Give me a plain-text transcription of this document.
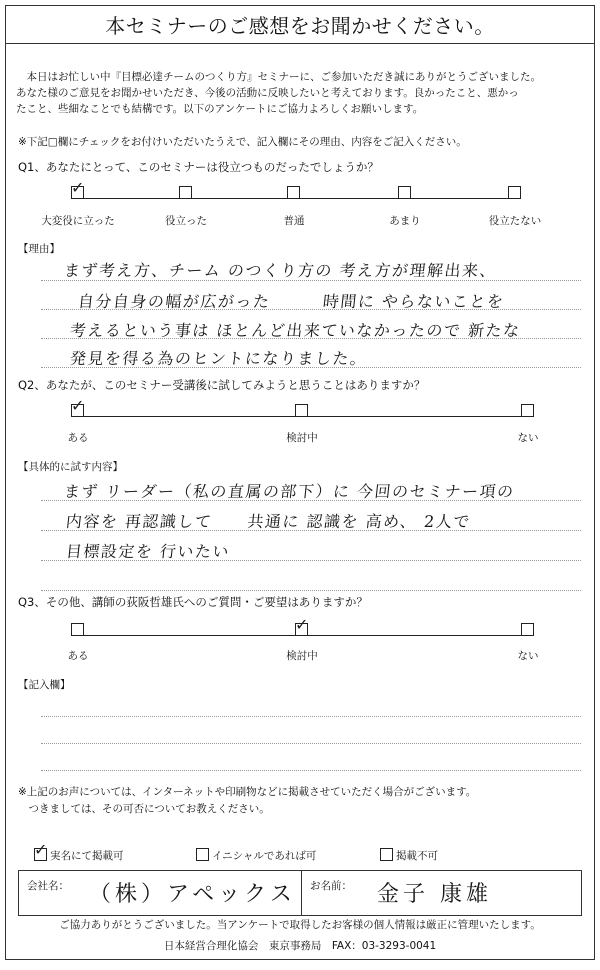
本セミナーのご感想をお聞かせください。
　本日はお忙しい中『目標必達チームのつくり方』セミナーに、ご参加いただき誠にありがとうございました。
あなた様のご意見をお聞かせいただき、今後の活動に反映したいと考えております。良かったこと、悪かっ
たこと、些細なことでも結構です。以下のアンケートにご協力よろしくお願いします。
※下記□欄にチェックをお付けいただいたうえで、記入欄にその理由、内容をご記入ください。
Q1、あなたにとって、このセミナーは役立つものだったでしょうか？
✓
大変役に立った	役立った	普通	あまり	役立たない
【理由】
まず考え方、チーム のつくり方の 考え方が理解出来、
自分自身の幅が広がった　　　時間に やらないことを
考えるという事は ほとんど出来ていなかったので 新たな
発見を得る為のヒントになりました。
Q2、あなたが、このセミナー受講後に試してみようと思うことはありますか？
✓
ある	検討中	ない
【具体的に試す内容】
まず リーダー（私の直属の部下）に 今回のセミナー項の
内容を 再認識して　　共通に 認識を 高め、 2人で
目標設定を 行いたい
Q3、その他、講師の荻阪哲雄氏へのご質問・ご要望はありますか？
✓
ある	検討中	ない
【記入欄】
※上記のお声については、インターネットや印刷物などに掲載させていただく場合がございます。
　つきましては、その可否についてお教えください。
✓ 実名にて掲載可	イニシャルであれば可	掲載不可
会社名： （株）アペックス お名前： 金子 康雄
ご協力ありがとうございました。当アンケートで取得したお客様の個人情報は厳正に管理いたします。
日本経営合理化協会　東京事務局　FAX：03-3293-0041
